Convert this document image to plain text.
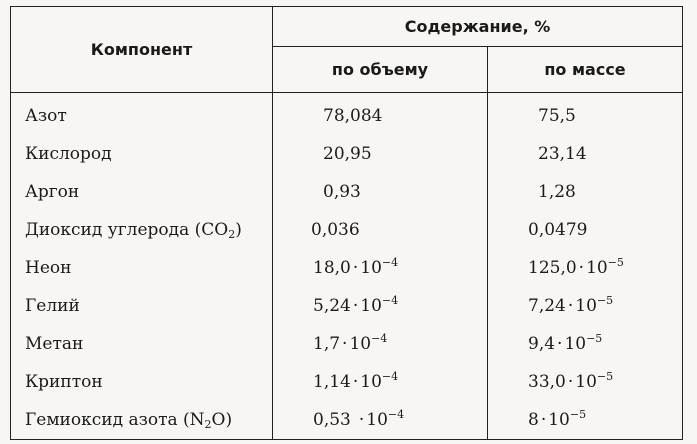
Компонент	Содержание, %	
	по объему	по массе
Азот	78,084	75,5
Кислород	20,95	23,14
Аргон	0,93	1,28
Диоксид углерода $(CO_2)$	0,036	0,0479
Неон	$18,0 \cdot 10^{-4}$	$125,0 \cdot 10^{-5}$
Гелий	$5,24 \cdot 10^{-4}$	$7,24 \cdot 10^{-5}$
Метан	$1,7 \cdot 10^{-4}$	$9,4 \cdot 10^{-5}$
Криптон	$1,14 \cdot 10^{-4}$	$33,0 \cdot 10^{-5}$
Гемиоксид азота $(N_2O)$	$0,53 \cdot 10^{-4}$	$8 \cdot 10^{-5}$
